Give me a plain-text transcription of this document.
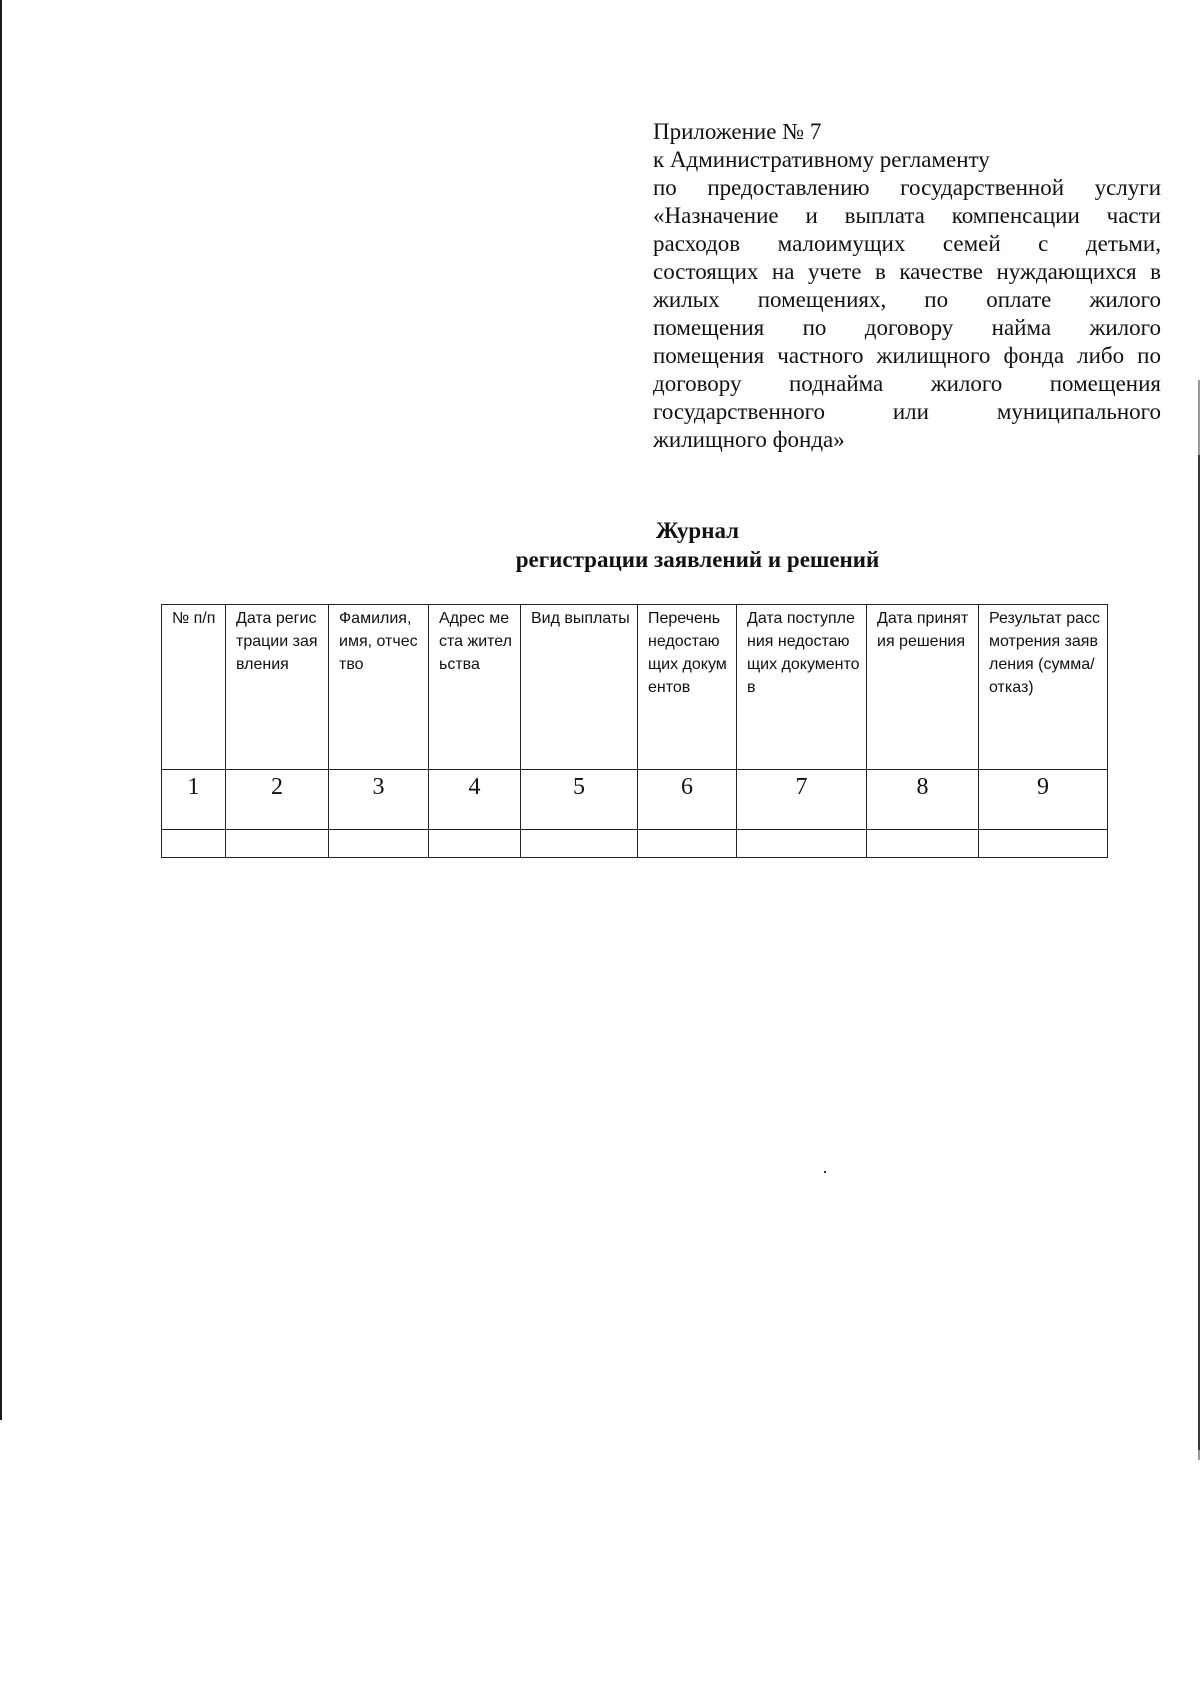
Приложение № 7
к Административному регламенту
по предоставлению государственной услуги
«Назначение и выплата компенсации части
расходов малоимущих семей с детьми,
состоящих на учете в качестве нуждающихся в
жилых помещениях, по оплате жилого
помещения по договору найма жилого
помещения частного жилищного фонда либо по
договору поднайма жилого помещения
государственного или муниципального
жилищного фонда»
Журнал
регистрации заявлений и решений
№ п/п	Дата регистрации заявления	Фамилия, имя, отчество	Адрес места жительства	Вид выплаты	Перечень недостающих документов	Дата поступления недостающих документов	Дата принятия решения	Результат рассмотрения заявления (сумма/ отказ)
1	2	3	4	5	6	7	8	9
